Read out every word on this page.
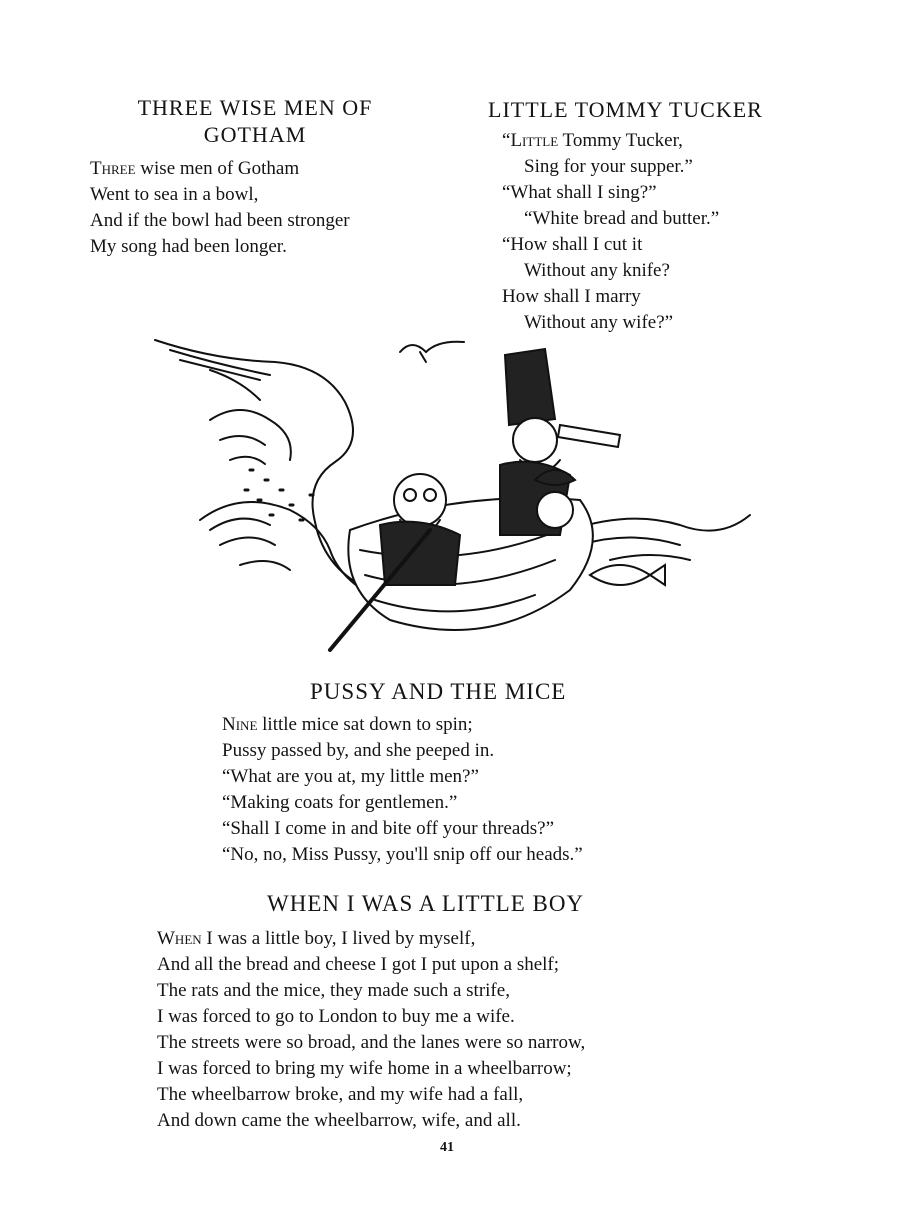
THREE WISE MEN OF
GOTHAM
Three wise men of Gotham
Went to sea in a bowl,
And if the bowl had been stronger
My song had been longer.
LITTLE TOMMY TUCKER
“Little Tommy Tucker,
Sing for your supper.”
“What shall I sing?”
“White bread and butter.”
“How shall I cut it
Without any knife?
How shall I marry
Without any wife?”
PUSSY AND THE MICE
Nine little mice sat down to spin;
Pussy passed by, and she peeped in.
“What are you at, my little men?”
“Making coats for gentlemen.”
“Shall I come in and bite off your threads?”
“No, no, Miss Pussy, you'll snip off our heads.”
WHEN I WAS A LITTLE BOY
When I was a little boy, I lived by myself,
And all the bread and cheese I got I put upon a shelf;
The rats and the mice, they made such a strife,
I was forced to go to London to buy me a wife.
The streets were so broad, and the lanes were so narrow,
I was forced to bring my wife home in a wheelbarrow;
The wheelbarrow broke, and my wife had a fall,
And down came the wheelbarrow, wife, and all.
41
